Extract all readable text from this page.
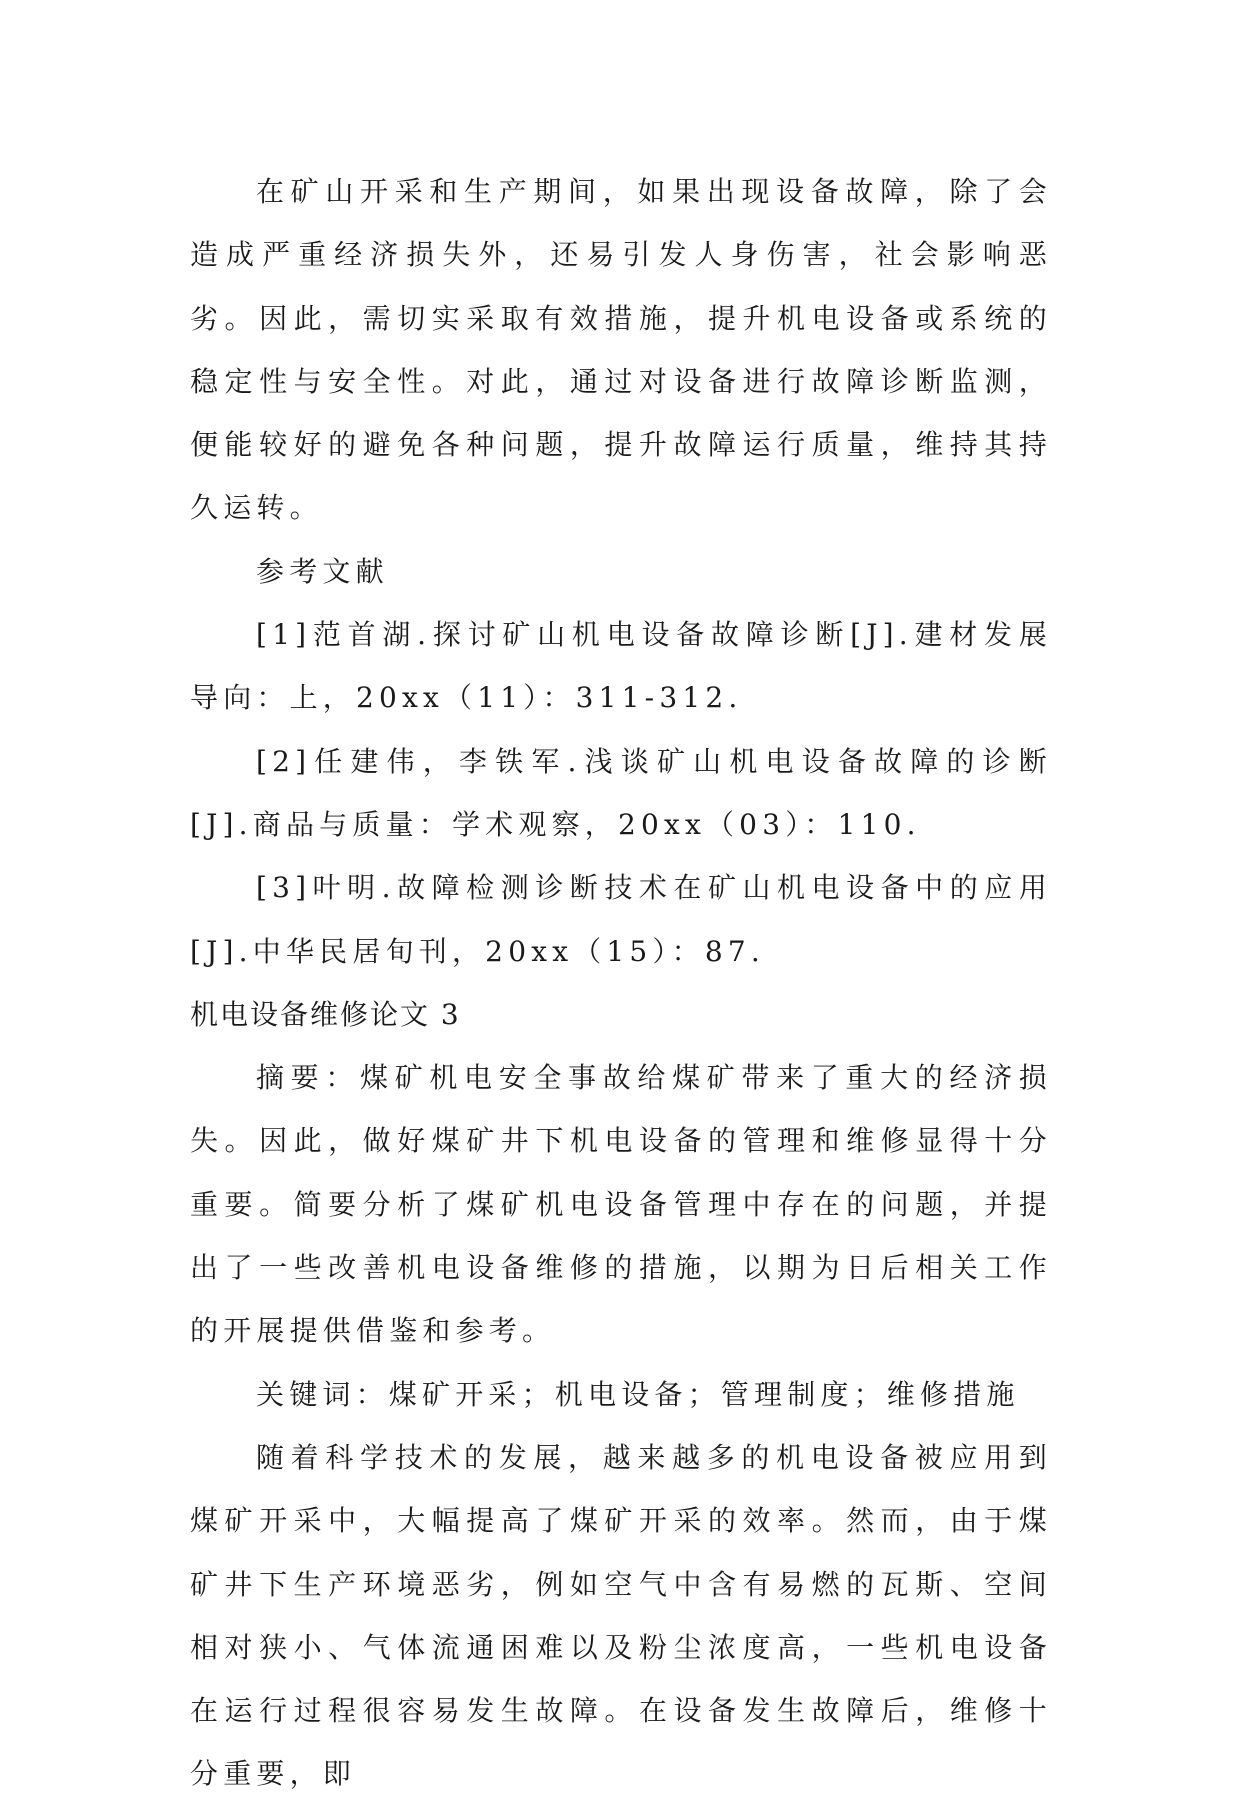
在矿山开采和生产期间，如果出现设备故障，除了会造成严重经济损失外，还易引发人身伤害，社会影响恶劣。因此，需切实采取有效措施，提升机电设备或系统的稳定性与安全性。对此，通过对设备进行故障诊断监测，便能较好的避免各种问题，提升故障运行质量，维持其持久运转。

参考文献

[1]范首湖.探讨矿山机电设备故障诊断[J].建材发展导向：上，20xx（11）：311-312.

[2]任建伟，李铁军.浅谈矿山机电设备故障的诊断[J].商品与质量：学术观察，20xx（03）：110.

[3]叶明.故障检测诊断技术在矿山机电设备中的应用[J].中华民居旬刊，20xx（15）：87.

机电设备维修论文 3

摘要：煤矿机电安全事故给煤矿带来了重大的经济损失。因此，做好煤矿井下机电设备的管理和维修显得十分重要。简要分析了煤矿机电设备管理中存在的问题，并提出了一些改善机电设备维修的措施，以期为日后相关工作的开展提供借鉴和参考。

关键词：煤矿开采；机电设备；管理制度；维修措施

随着科学技术的发展，越来越多的机电设备被应用到煤矿开采中，大幅提高了煤矿开采的效率。然而，由于煤矿井下生产环境恶劣，例如空气中含有易燃的瓦斯、空间相对狭小、气体流通困难以及粉尘浓度高，一些机电设备在运行过程很容易发生故障。在设备发生故障后，维修十分重要，即
